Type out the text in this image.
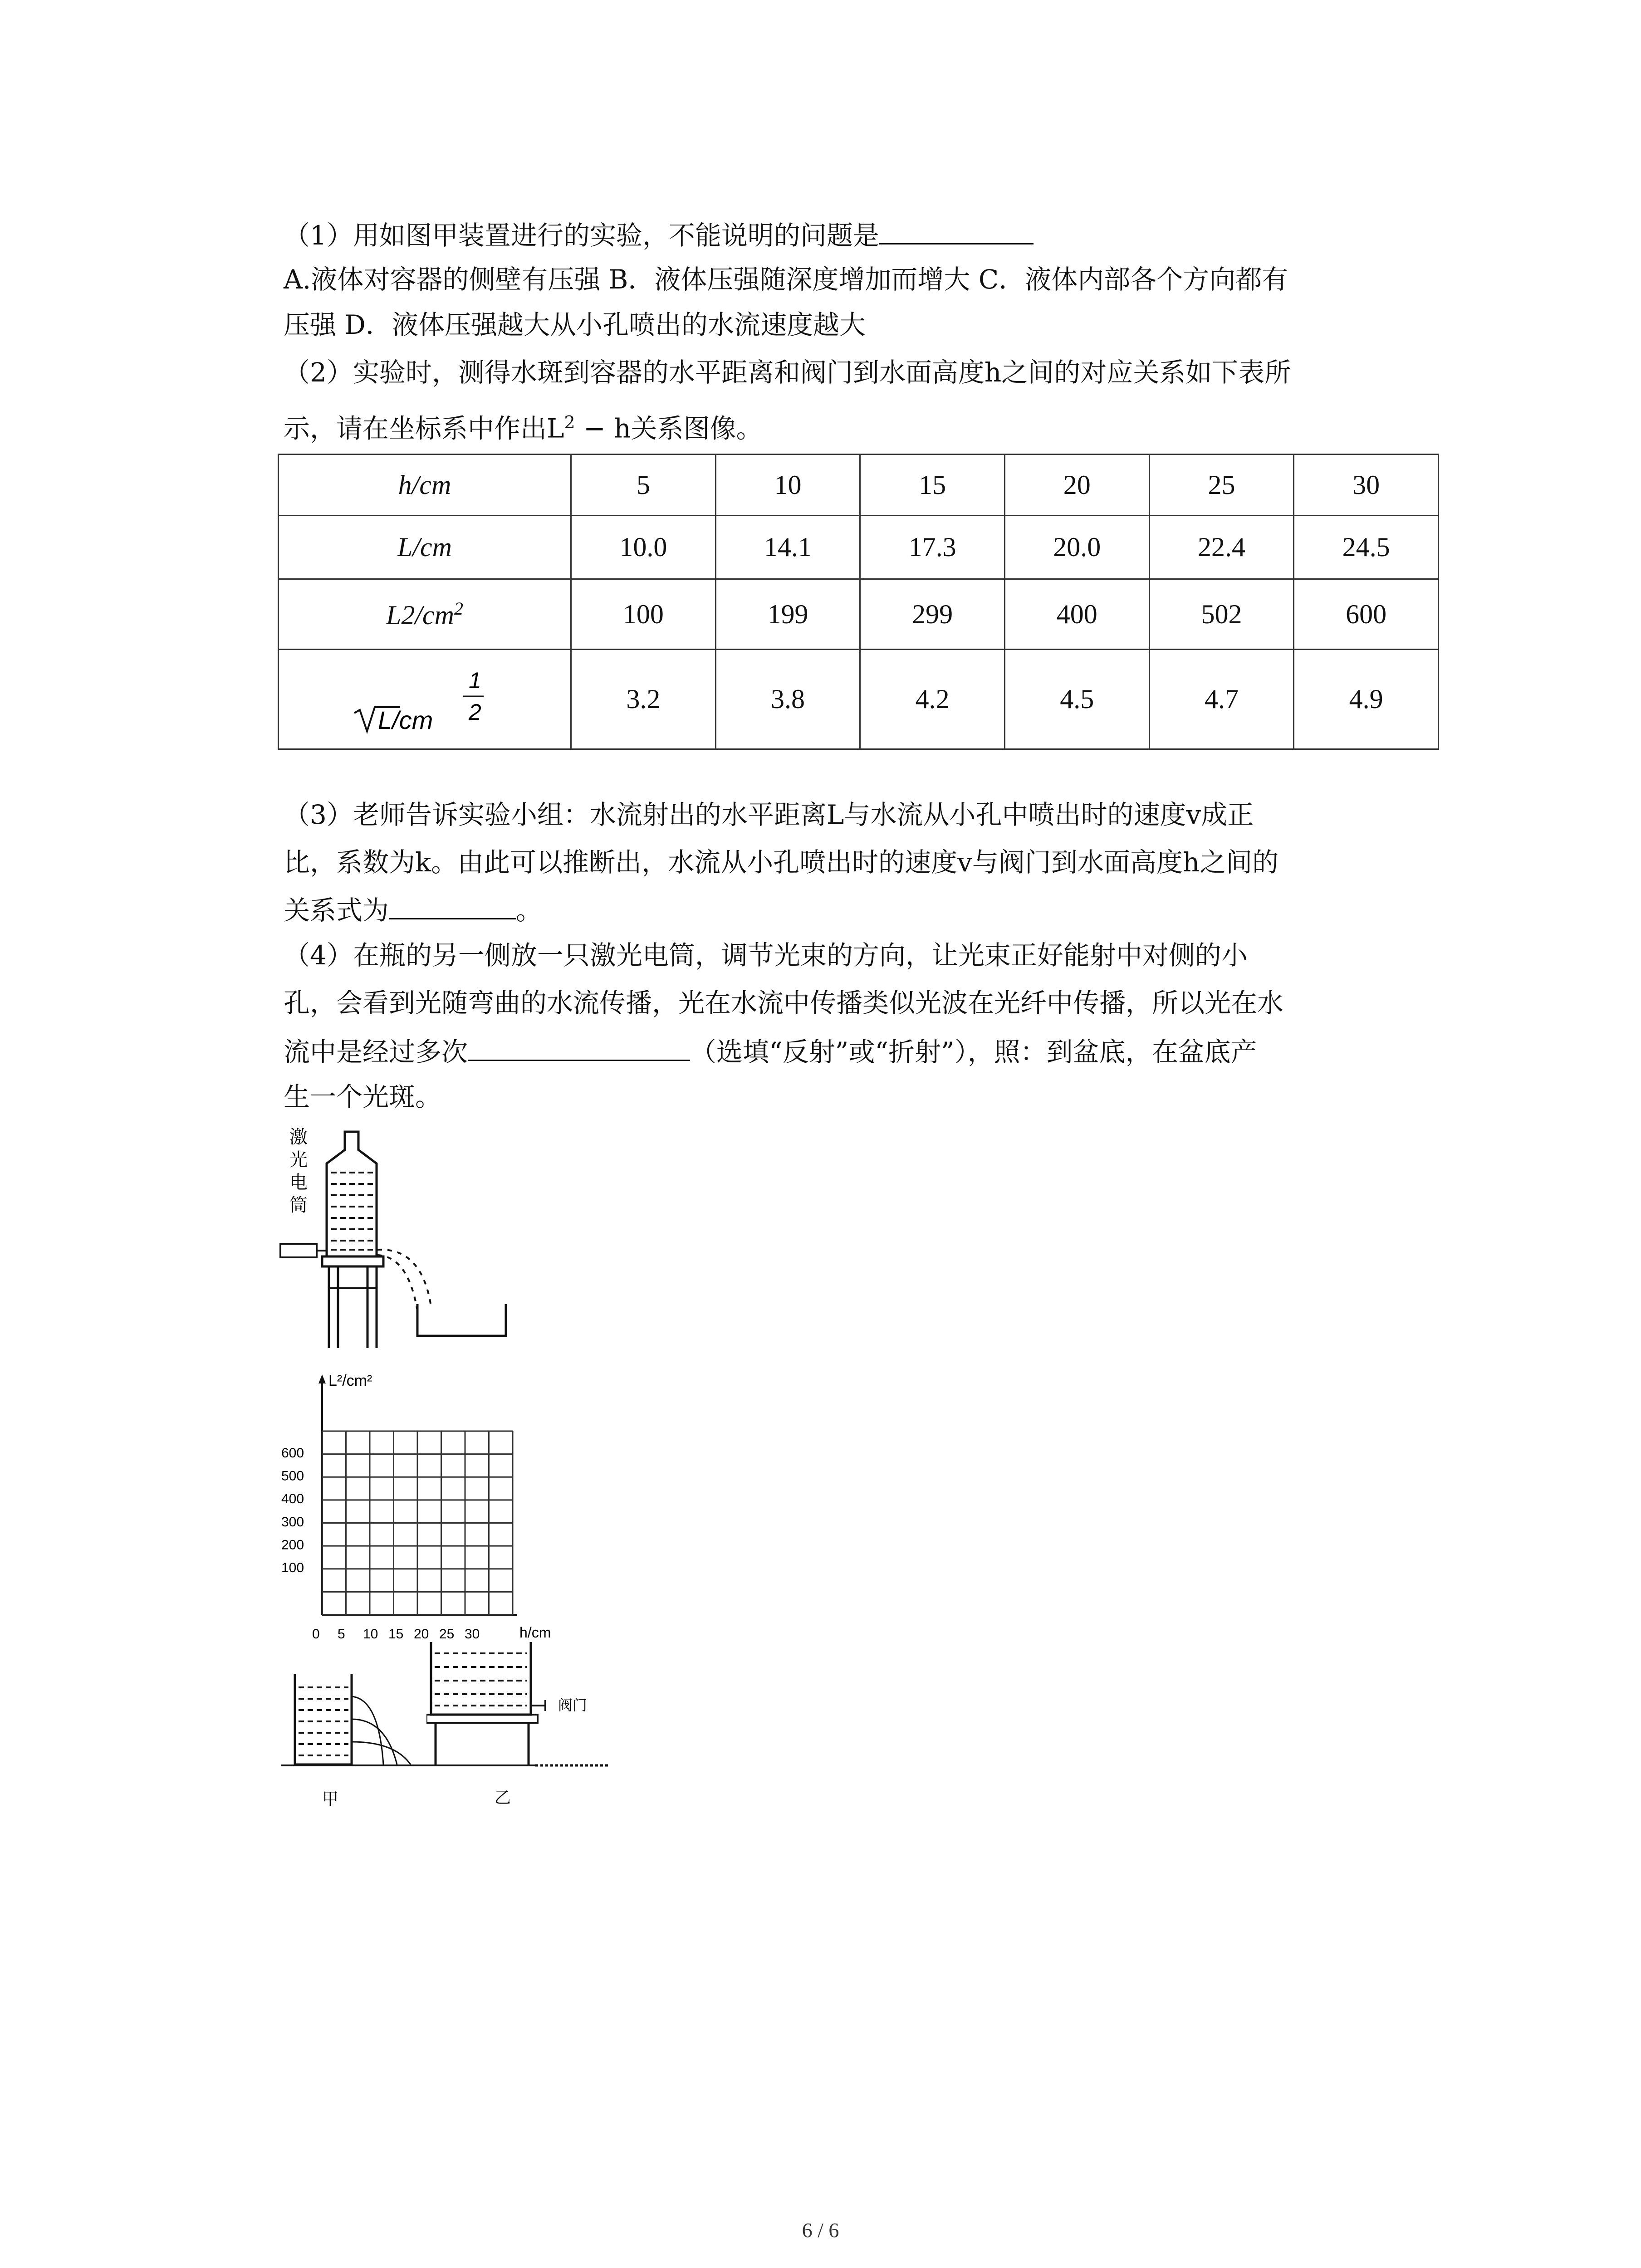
（1）用如图甲装置进行的实验，不能说明的问题是
A.液体对容器的侧壁有压强 B．液体压强随深度增加而增大 C．液体内部各个方向都有
压强 D．液体压强越大从小孔喷出的水流速度越大
（2）实验时，测得水斑到容器的水平距离和阀门到水面高度h之间的对应关系如下表所
示，请在坐标系中作出$L^2 - h$关系图像。
h/cm	5	10	15	20	25	30
L/cm	10.0	14.1	17.3	20.0	22.4	24.5
$L2/cm^2$	100	199	299	400	502	600

L/cm
1
2	3.2	3.8	4.2	4.5	4.7	4.9
（3）老师告诉实验小组：水流射出的水平距离L与水流从小孔中喷出时的速度v成正
比，系数为k。由此可以推断出，水流从小孔喷出时的速度v与阀门到水面高度h之间的
关系式为	。
（4）在瓶的另一侧放一只激光电筒，调节光束的方向，让光束正好能射中对侧的小
孔，会看到光随弯曲的水流传播，光在水流中传播类似光波在光纤中传播，所以光在水
流中是经过多次	（选填“反射”或“折射”），照：到盆底，在盆底产
生一个光斑。
激
光
电
筒
L²/cm²
600
500
400
300
200
100
0 5 10 15 20 25 30	h/cm
甲
阀门
乙
6 / 6
